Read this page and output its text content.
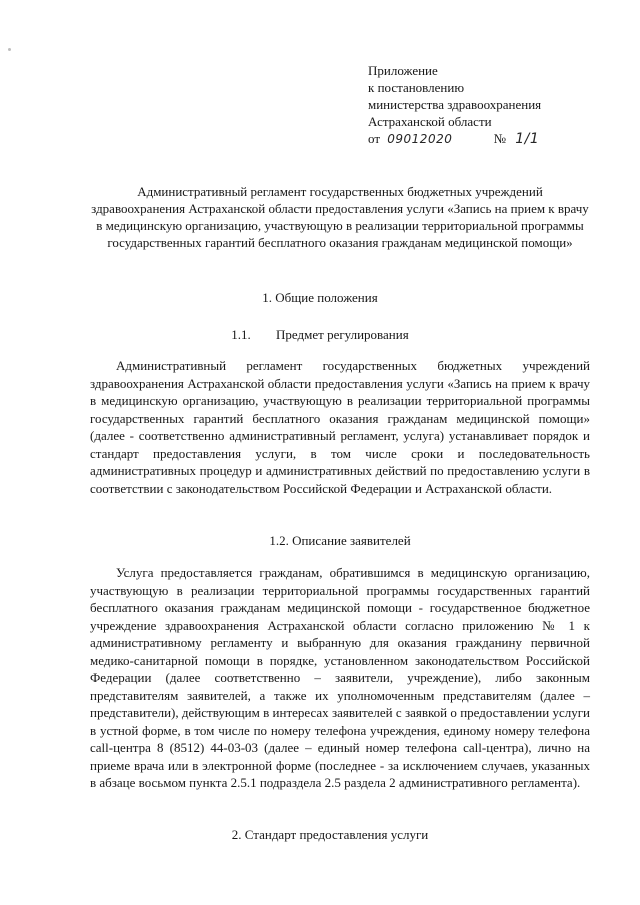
Приложение
к постановлению
министерства здравоохранения
Астраханской области
от 09012020	№ 1/1
Административный регламент государственных бюджетных учреждений здравоохранения Астраханской области предоставления услуги «Запись на прием к врачу в медицинскую организацию, участвующую в реализации территориальной программы государственных гарантий бесплатного оказания гражданам медицинской помощи»
1. Общие положения
1.1. Предмет регулирования
Административный регламент государственных бюджетных учреждений здравоохранения Астраханской области предоставления услуги «Запись на прием к врачу в медицинскую организацию, участвующую в реализации территориальной программы государственных гарантий бесплатного оказания гражданам медицинской помощи» (далее - соответственно административный регламент, услуга) устанавливает порядок и стандарт предоставления услуги, в том числе сроки и последовательность административных процедур и административных действий по предоставлению услуги в соответствии с законодательством Российской Федерации и Астраханской области.
1.2. Описание заявителей
Услуга предоставляется гражданам, обратившимся в медицинскую организацию, участвующую в реализации территориальной программы государственных гарантий бесплатного оказания гражданам медицинской помощи - государственное бюджетное учреждение здравоохранения Астраханской области согласно приложению № 1 к административному регламенту и выбранную для оказания гражданину первичной медико-санитарной помощи в порядке, установленном законодательством Российской Федерации (далее соответственно – заявители, учреждение), либо законным представителям заявителей, а также их уполномоченным представителям (далее – представители), действующим в интересах заявителей с заявкой о предоставлении услуги в устной форме, в том числе по номеру телефона учреждения, единому номеру телефона call-центра 8 (8512) 44-03-03 (далее – единый номер телефона call-центра), лично на приеме врача или в электронной форме (последнее - за исключением случаев, указанных в абзаце восьмом пункта 2.5.1 подраздела 2.5 раздела 2 административного регламента).
2. Стандарт предоставления услуги
